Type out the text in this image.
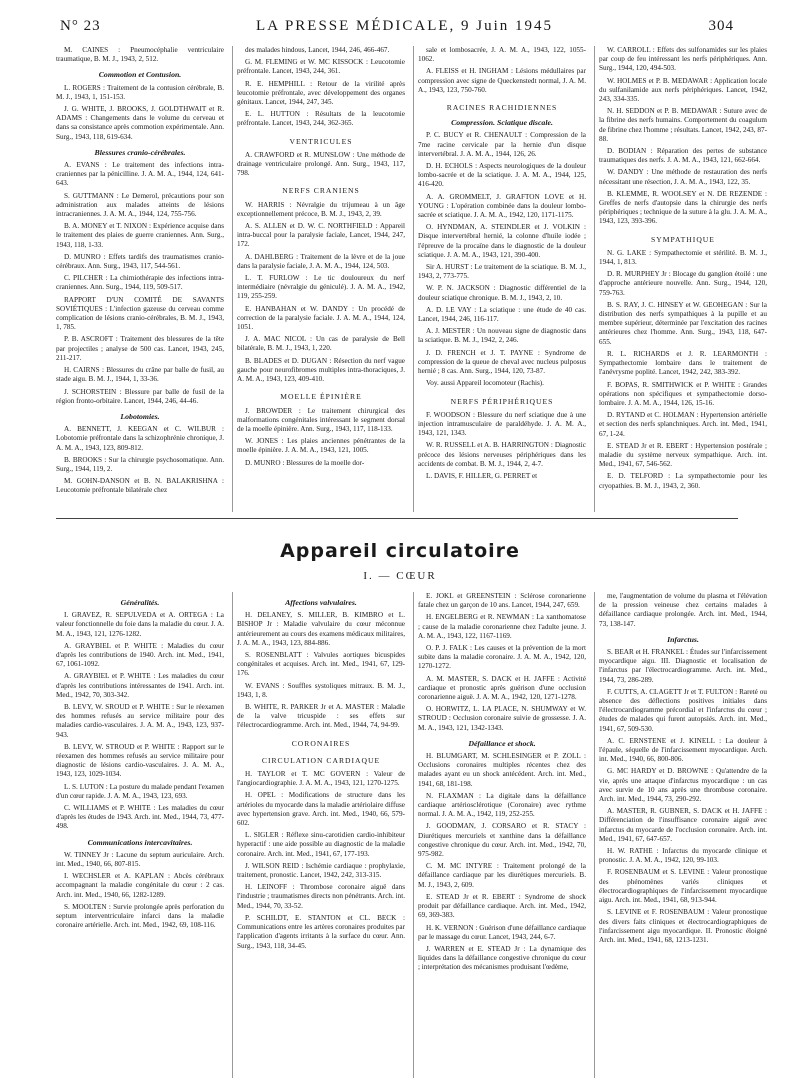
N° 23	LA PRESSE MÉDICALE, 9 Juin 1945	304
M. CAINES : Pneumocéphalie ventriculaire traumatique, B. M. J., 1943, 2, 512.
Commotion et Contusion.
L. ROGERS : Traitement de la contusion cérébrale, B. M. J., 1943, 1, 151-153.
J. G. WHITE, J. BROOKS, J. GOLDTHWAIT et R. ADAMS : Changements dans le volume du cerveau et dans sa consistance après commotion expérimentale. Ann. Surg., 1943, 118, 619-634.
Blessures cranio-cérébrales.
A. EVANS : Le traitement des infections intra-craniennes par la pénicilline. J. A. M. A., 1944, 124, 641-643.
S. GUTTMANN : Le Demerol, précautions pour son administration aux malades atteints de lésions intracraniennes. J. A. M. A., 1944, 124, 755-756.
B. A. MONEY et T. NIXON : Expérience acquise dans le traitement des plaies de guerre craniennes. Ann. Surg., 1943, 118, 1-33.
D. MUNRO : Effets tardifs des traumatismes cranio-cérébraux. Ann. Surg., 1943, 117, 544-561.
C. PILCHER : La chimiothérapie des infections intra-craniennes. Ann. Surg., 1944, 119, 509-517.
RAPPORT D'UN COMITÉ DE SAVANTS SOVIÉTIQUES : L'infection gazeuse du cerveau comme complication de lésions cranio-cérébrales, B. M. J., 1943, 1, 785.
P. B. ASCROFT : Traitement des blessures de la tête par projectiles ; analyse de 500 cas. Lancet, 1943, 245, 211-217.
H. CAIRNS : Blessures du crâne par balle de fusil, au stade aigu. B. M. J., 1944, 1, 33-36.
J. SCHORSTEIN : Blessure par balle de fusil de la région fronto-orbitaire. Lancet, 1944, 246, 44-46.
Lobotomies.
A. BENNETT, J. KEEGAN et C. WILBUR : Lobotomie préfrontale dans la schizophrénie chronique, J. A. M. A., 1943, 123, 809-812.
B. BROOKS : Sur la chirurgie psychosomatique. Ann. Surg., 1944, 119, 2.
M. GOHN-DANSON et B. N. BALAKRISHNA : Leucotomie préfrontale bilatérale chez
des malades hindous, Lancet, 1944, 246, 466-467.
G. M. FLEMING et W. MC KISSOCK : Leucotomie préfrontale. Lancet, 1943, 244, 361.
R. E. HEMPHILL : Retour de la virilité après leucotomie préfrontale, avec développement des organes génitaux. Lancet, 1944, 247, 345.
E. L. HUTTON : Résultats de la leucotomie préfrontale. Lancet, 1943, 244, 362-365.
VENTRICULES
A. CRAWFORD et R. MUNSLOW : Une méthode de drainage ventriculaire prolongé. Ann. Surg., 1943, 117, 798.
NERFS CRANIENS
W. HARRIS : Névralgie du trijumeau à un âge exceptionnellement précoce, B. M. J., 1943, 2, 39.
A. S. ALLEN et D. W. C. NORTHFIELD : Appareil intra-buccal pour la paralysie faciale, Lancet, 1944, 247, 172.
A. DAHLBERG : Traitement de la lèvre et de la joue dans la paralysie faciale, J. A. M. A., 1944, 124, 503.
L. T. FURLOW : Le tic douloureux du nerf intermédiaire (névralgie du géniculé). J. A. M. A., 1942, 119, 255-259.
E. HANBAHAN et W. DANDY : Un procédé de correction de la paralysie faciale. J. A. M. A., 1944, 124, 1051.
J. A. MAC NICOL : Un cas de paralysie de Bell bilatérale, B. M. J., 1943, 1, 220.
B. BLADES et D. DUGAN : Résection du nerf vague gauche pour neurofibromes multiples intra-thoraciques, J. A. M. A., 1943, 123, 409-410.
MOELLE ÉPINIÈRE
J. BROWDER : Le traitement chirurgical des malformations congénitales intéressant le segment dorsal de la moelle épinière. Ann. Surg., 1943, 117, 118-133.
W. JONES : Les plaies anciennes pénétrantes de la moelle épinière. J. A. M. A., 1943, 121, 1005.
D. MUNRO : Blessures de la moelle dor-
sale et lombosacrée, J. A. M. A., 1943, 122, 1055-1062.
A. FLEISS et H. INGHAM : Lésions médullaires par compression avec signe de Queckenstedt normal, J. A. M. A., 1943, 123, 750-760.
RACINES RACHIDIENNES
Compression. Sciatique discale.
P. C. BUCY et R. CHENAULT : Compression de la 7me racine cervicale par la hernie d'un disque intervertébral. J. A. M. A., 1944, 126, 26.
D. H. ECHOLS : Aspects neurologiques de la douleur lombo-sacrée et de la sciatique. J. A. M. A., 1944, 125, 416-420.
A. A. GROMMELT, J. GRAFTON LOVE et H. YOUNG : L'opération combinée dans la douleur lombo-sacrée et sciatique. J. A. M. A., 1942, 120, 1171-1175.
O. HYNDMAN, A. STEINDLER et J. VOLKIN : Disque intervertébral hernié, la colonne d'huile iodée ; l'épreuve de la procaïne dans le diagnostic de la douleur sciatique. J. A. M. A., 1943, 121, 390-400.
Sir A. HURST : Le traitement de la sciatique. B. M. J., 1943, 2, 773-775.
W. P. N. JACKSON : Diagnostic différentiel de la douleur sciatique chronique. B. M. J., 1943, 2, 10.
A. D. LE VAY : La sciatique : une étude de 40 cas. Lancet, 1944, 246, 116-117.
A. J. MESTER : Un nouveau signe de diagnostic dans la sciatique. B. M. J., 1942, 2, 246.
J. D. FRENCH et J. T. PAYNE : Syndrome de compression de la queue de cheval avec nucleus pulposus hernié ; 8 cas. Ann. Surg., 1944, 120, 73-87.
Voy. aussi Appareil locomoteur (Rachis).
NERFS PÉRIPHÉRIQUES
F. WOODSON : Blessure du nerf sciatique due à une injection intramusculaire de paraldéhyde. J. A. M. A., 1943, 121, 1343.
W. R. RUSSELL et A. B. HARRINGTON : Diagnostic précoce des lésions nerveuses périphériques dans les accidents de combat. B. M. J., 1944, 2, 4-7.
L. DAVIS, F. HILLER, G. PERRET et
W. CARROLL : Effets des sulfonamides sur les plaies par coup de feu intéressant les nerfs périphériques. Ann. Surg., 1944, 120, 494-503.
W. HOLMES et P. B. MEDAWAR : Application locale du sulfanilamide aux nerfs périphériques. Lancet, 1942, 243, 334-335.
N. H. SEDDON et P. B. MEDAWAR : Suture avec de la fibrine des nerfs humains. Comportement du coagulum de fibrine chez l'homme ; résultats. Lancet, 1942, 243, 87-88.
D. BODIAN : Réparation des pertes de substance traumatiques des nerfs. J. A. M. A., 1943, 121, 662-664.
W. DANDY : Une méthode de restauration des nerfs nécessitant une résection, J. A. M. A., 1943, 122, 35.
B. KLEMME, R. WOOLSEY et N. DE REZENDE : Greffes de nerfs d'autopsie dans la chirurgie des nerfs périphériques ; technique de la suture à la glu. J. A. M. A., 1943, 123, 393-396.
SYMPATHIQUE
N. G. LAKE : Sympathectomie et stérilité. B. M. J., 1944, 1, 813.
D. R. MURPHEY Jr : Blocage du ganglion étoilé : une d'approche antérieure nouvelle. Ann. Surg., 1944, 120, 759-763.
B. S. RAY, J. C. HINSEY et W. GEOHEGAN : Sur la distribution des nerfs sympathiques à la pupille et au membre supérieur, déterminée par l'excitation des racines antérieures chez l'homme. Ann. Surg., 1943, 118, 647-655.
R. L. RICHARDS et J. R. LEARMONTH : Sympathectomie lombaire dans le traitement de l'anévrysme poplité. Lancet, 1942, 242, 383-392.
F. BOPAS, R. SMITHWICK et P. WHITE : Grandes opérations non spécifiques et sympathectomie dorso-lombaire. J. A. M. A., 1944, 126, 15-16.
D. RYTAND et C. HOLMAN : Hypertension artérielle et section des nerfs splanchniques. Arch. int. Med., 1941, 67, 1-24.
E. STEAD Jr et R. EBERT : Hypertension postérale ; maladie du système nerveux sympathique. Arch. int. Med., 1941, 67, 546-562.
E. D. TELFORD : La sympathectomie pour les cryopathies. B. M. J., 1943, 2, 360.
Appareil circulatoire
I. — CŒUR
Généralités.
I. GRAVEZ, R. SEPULVEDA et A. ORTEGA : La valeur fonctionnelle du foie dans la maladie du cœur. J. A. M. A., 1943, 121, 1276-1282.
A. GRAYBIEL et P. WHITE : Maladies du cœur d'après les contributions de 1940. Arch. int. Med., 1941, 67, 1061-1092.
A. GRAYBIEL et P. WHITE : Les maladies du cœur d'après les contributions intéressantes de 1941. Arch. int. Med., 1942, 70, 303-342.
B. LEVY, W. SROUD et P. WHITE : Sur le réexamen des hommes refusés au service militaire pour des maladies cardio-vasculaires. J. A. M. A., 1943, 123, 937-943.
B. LEVY, W. STROUD et P. WHITE : Rapport sur le réexamen des hommes refusés au service militaire pour diagnostic de lésions cardio-vasculaires. J. A. M. A., 1943, 123, 1029-1034.
L. S. LUTON : La posture du malade pendant l'examen d'un cœur rapide. J. A. M. A., 1943, 123, 693.
C. WILLIAMS et P. WHITE : Les maladies du cœur d'après les études de 1943. Arch. int. Med., 1944, 73, 477-498.
Communications intercavitaires.
W. TINNEY Jr : Lacune du septum auriculaire. Arch. int. Med., 1940, 66, 807-815.
I. WECHSLER et A. KAPLAN : Abcès cérébraux accompagnant la maladie congénitale du cœur : 2 cas. Arch. int. Med., 1940, 66, 1282-1289.
S. MOOLTEN : Survie prolongée après perforation du septum interventriculaire infarci dans la maladie coronaire artérielle. Arch. int. Med., 1942, 69, 108-116.
Affections valvulaires.
H. DELANEY, S. MILLER, B. KIMBRO et L. BISHOP Jr : Maladie valvulaire du cœur méconnue antérieurement au cours des examens médicaux militaires, J. A. M. A., 1943, 123, 884-886.
S. ROSENBLATT : Valvules aortiques bicuspides congénitales et acquises. Arch. int. Med., 1941, 67, 129-176.
W. EVANS : Souffles systoliques mitraux. B. M. J., 1943, 1, 8.
B. WHITE, R. PARKER Jr et A. MASTER : Maladie de la valve tricuspide : ses effets sur l'électrocardiogramme. Arch. int. Med., 1944, 74, 94-99.
CORONAIRES
CIRCULATION CARDIAQUE
H. TAYLOR et T. MC GOVERN : Valeur de l'angiocardiographie. J. A. M. A., 1943, 121, 1270-1275.
H. OPEL : Modifications de structure dans les artérioles du myocarde dans la maladie artériolaire diffuse avec hypertension grave. Arch. int. Med., 1940, 66, 579-602.
L. SIGLER : Réflexe sinu-carotidien cardio-inhibiteur hyperactif : une aide possible au diagnostic de la maladie coronaire. Arch. int. Med., 1941, 67, 177-193.
J. WILSON REID : Ischémie cardiaque : prophylaxie, traitement, pronostic. Lancet, 1942, 242, 313-315.
H. LEINOFF : Thrombose coronaire aiguë dans l'industrie ; traumatismes directs non pénétrants. Arch. int. Med., 1944, 70, 33-52.
P. SCHILDT, E. STANTON et CL. BECK : Communications entre les artères coronaires produites par l'application d'agents irritants à la surface du cœur. Ann. Surg., 1943, 118, 34-45.
E. JOKL et GREENSTEIN : Sclérose coronarienne fatale chez un garçon de 10 ans. Lancet, 1944, 247, 659.
H. ENGELBERG et R. NEWMAN : La xanthomatose ; cause de la maladie coronarienne chez l'adulte jeune. J. A. M. A., 1943, 122, 1167-1169.
O. P. J. FALK : Les causes et la prévention de la mort subite dans la maladie coronaire. J. A. M. A., 1942, 120, 1270-1272.
A. M. MASTER, S. DACK et H. JAFFE : Activité cardiaque et pronostic après guérison d'une occlusion coronarienne aiguë. J. A. M. A., 1942, 120, 1271-1278.
O. HORWITZ, L. LA PLACE, N. SHUMWAY et W. STROUD : Occlusion coronaire suivie de grossesse. J. A. M. A., 1943, 121, 1342-1343.
Défaillance et shock.
H. BLUMGART, M. SCHLESINGER et P. ZOLL : Occlusions coronaires multiples récentes chez des malades ayant eu un shock antécédent. Arch. int. Med., 1941, 68, 181-198.
N. FLAXMAN : La digitale dans la défaillance cardiaque artériosclérotique (Coronaire) avec rythme normal. J. A. M. A., 1942, 119, 252-255.
J. GOODMAN, J. CORSARO et R. STACY : Diurétiques mercuriels et xanthine dans la défaillance congestive chronique du cœur. Arch. int. Med., 1942, 70, 975-982.
C. M. MC INTYRE : Traitement prolongé de la défaillance cardiaque par les diurétiques mercuriels. B. M. J., 1943, 2, 609.
E. STEAD Jr et R. EBERT : Syndrome de shock produit par défaillance cardiaque. Arch. int. Med., 1942, 69, 369-383.
H. K. VERNON : Guérison d'une défaillance cardiaque par le massage du cœur. Lancet, 1943, 244, 6-7.
J. WARREN et E. STEAD Jr : La dynamique des liquides dans la défaillance congestive chronique du cœur ; interprétation des mécanismes produisant l'œdème,
me, l'augmentation de volume du plasma et l'élévation de la pression veineuse chez certains malades à défaillance cardiaque prolongée. Arch. int. Med., 1944, 73, 138-147.
Infarctus.
S. BEAR et H. FRANKEL : Études sur l'infarcissement myocardique aigu. III. Diagnostic et localisation de l'infarctus par l'électrocardiogramme. Arch. int. Med., 1944, 73, 286-289.
F. CUTTS, A. CLAGETT Jr et T. FULTON : Rareté ou absence des déflections positives initiales dans l'électrocardiogramme précordial et l'infarctus du cœur ; études de malades qui furent autopsiés. Arch. int. Med., 1941, 67, 509-530.
A. C. ERNSTENE et J. KINELL : La douleur à l'épaule, séquelle de l'infarcissement myocardique. Arch. int. Med., 1940, 66, 800-806.
G. MC HARDY et D. BROWNE : Qu'attendre de la vie, après une attaque d'infarctus myocardique : un cas avec survie de 10 ans après une thrombose coronaire. Arch. int. Med., 1944, 73, 290-292.
A. MASTER, R. GUBNER, S. DACK et H. JAFFE : Différenciation de l'insuffisance coronaire aiguë avec infarctus du myocarde de l'occlusion coronaire. Arch. int. Med., 1941, 67, 647-657.
H. W. RATHE : Infarctus du myocarde clinique et pronostic. J. A. M. A., 1942, 120, 99-103.
F. ROSENBAUM et S. LEVINE : Valeur pronostique des phénomènes variés cliniques et électrocardiographiques de l'infarcissement myocardique aigu. Arch. int. Med., 1941, 68, 913-944.
S. LEVINE et F. ROSENBAUM : Valeur pronostique des divers faits cliniques et électrocardiographiques de l'infarcissement aigu myocardique. II. Pronostic éloigné Arch. int. Med., 1941, 68, 1213-1231.
